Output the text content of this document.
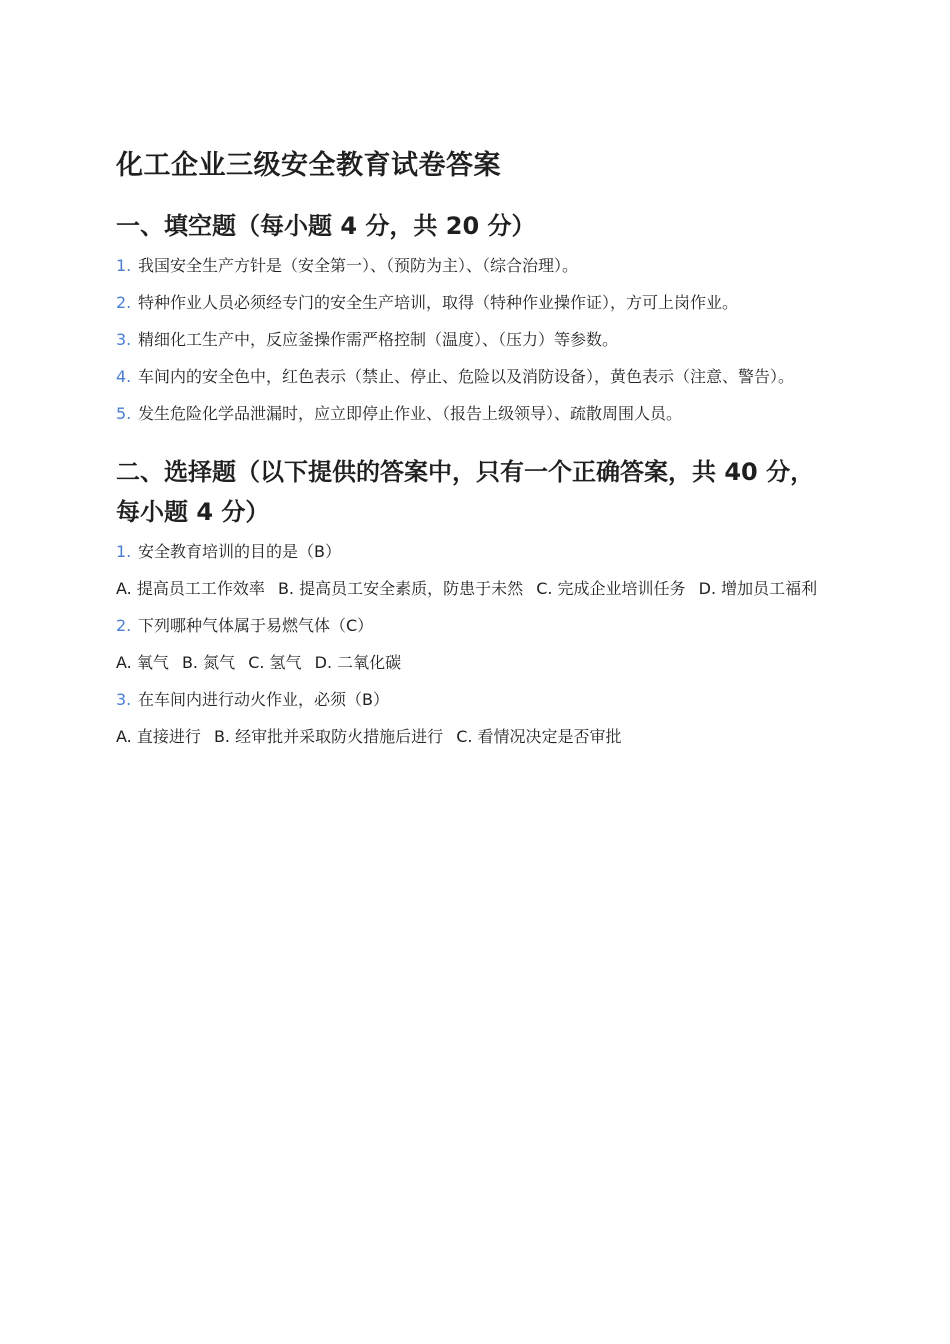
化工企业三级安全教育试卷答案
一、填空题（每小题 4 分，共 20 分）
1. 我国安全生产方针是（安全第一）、（预防为主）、（综合治理）。
2. 特种作业人员必须经专门的安全生产培训，取得（特种作业操作证），方可上岗作业。
3. 精细化工生产中，反应釜操作需严格控制（温度）、（压力）等参数。
4. 车间内的安全色中，红色表示（禁止、停止、危险以及消防设备），黄色表示（注意、警告）。
5. 发生危险化学品泄漏时，应立即停止作业、（报告上级领导）、疏散周围人员。
二、选择题（以下提供的答案中，只有一个正确答案，共 40 分，每小题 4 分）

1. 安全教育培训的目的是（B）

A. 提高员工工作效率 B. 提高员工安全素质，防患于未然 C. 完成企业培训任务 D. 增加员工福利

2. 下列哪种气体属于易燃气体（C）

A. 氧气 B. 氮气 C. 氢气 D. 二氧化碳

3. 在车间内进行动火作业，必须（B）

A. 直接进行 B. 经审批并采取防火措施后进行 C. 看情况决定是否审批
